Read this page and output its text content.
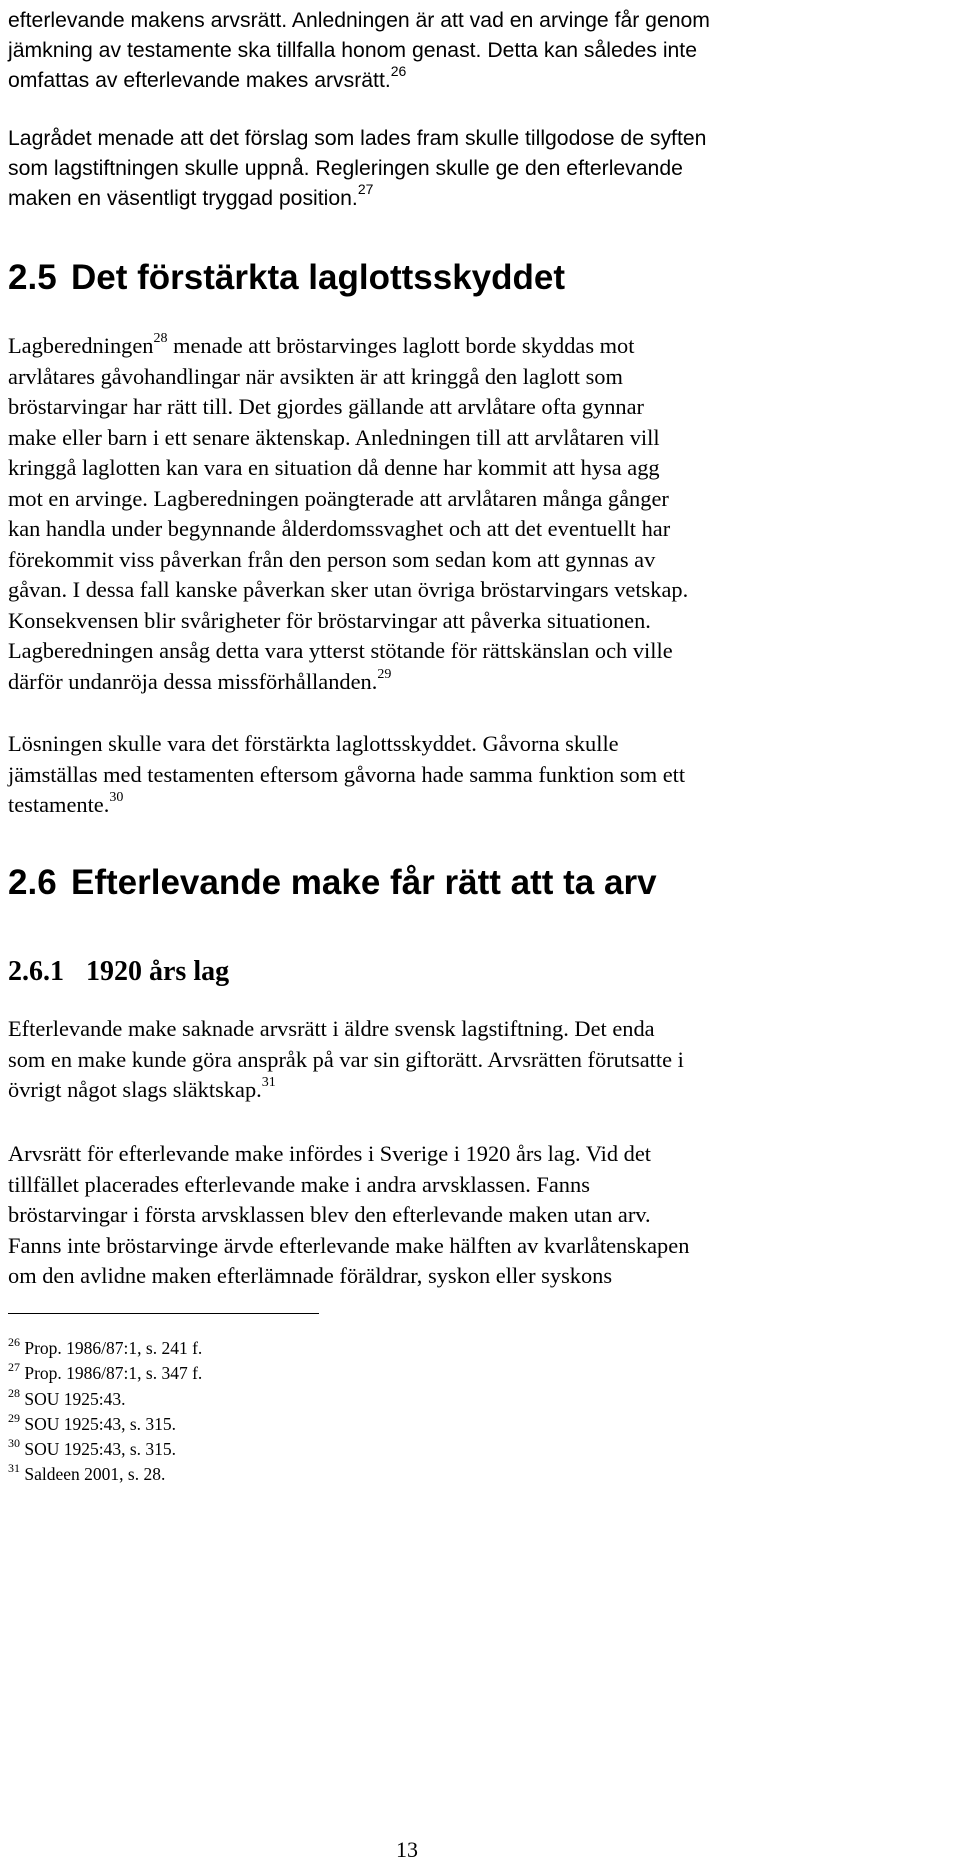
efterlevande makens arvsrätt. Anledningen är att vad en arvinge får genom
jämkning av testamente ska tillfalla honom genast. Detta kan således inte
omfattas av efterlevande makes arvsrätt.$^{26}$
Lagrådet menade att det förslag som lades fram skulle tillgodose de syften
som lagstiftningen skulle uppnå. Regleringen skulle ge den efterlevande
maken en väsentligt tryggad position.$^{27}$
2.5 Det förstärkta laglottsskyddet
Lagberedningen$^{28}$ menade att bröstarvinges laglott borde skyddas mot
arvlåtares gåvohandlingar när avsikten är att kringgå den laglott som
bröstarvingar har rätt till. Det gjordes gällande att arvlåtare ofta gynnar
make eller barn i ett senare äktenskap. Anledningen till att arvlåtaren vill
kringgå laglotten kan vara en situation då denne har kommit att hysa agg
mot en arvinge. Lagberedningen poängterade att arvlåtaren många gånger
kan handla under begynnande ålderdomssvaghet och att det eventuellt har
förekommit viss påverkan från den person som sedan kom att gynnas av
gåvan. I dessa fall kanske påverkan sker utan övriga bröstarvingars vetskap.
Konsekvensen blir svårigheter för bröstarvingar att påverka situationen.
Lagberedningen ansåg detta vara ytterst stötande för rättskänslan och ville
därför undanröja dessa missförhållanden.$^{29}$
Lösningen skulle vara det förstärkta laglottsskyddet. Gåvorna skulle
jämställas med testamenten eftersom gåvorna hade samma funktion som ett
testamente.$^{30}$
2.6 Efterlevande make får rätt att ta arv
2.6.1 1920 års lag
Efterlevande make saknade arvsrätt i äldre svensk lagstiftning. Det enda
som en make kunde göra anspråk på var sin giftorätt. Arvsrätten förutsatte i
övrigt något slags släktskap.$^{31}$
Arvsrätt för efterlevande make infördes i Sverige i 1920 års lag. Vid det
tillfället placerades efterlevande make i andra arvsklassen. Fanns
bröstarvingar i första arvsklassen blev den efterlevande maken utan arv.
Fanns inte bröstarvinge ärvde efterlevande make hälften av kvarlåtenskapen
om den avlidne maken efterlämnade föräldrar, syskon eller syskons
$^{26}$ Prop. 1986/87:1, s. 241 f.
$^{27}$ Prop. 1986/87:1, s. 347 f.
$^{28}$ SOU 1925:43.
$^{29}$ SOU 1925:43, s. 315.
$^{30}$ SOU 1925:43, s. 315.
$^{31}$ Saldeen 2001, s. 28.
13
